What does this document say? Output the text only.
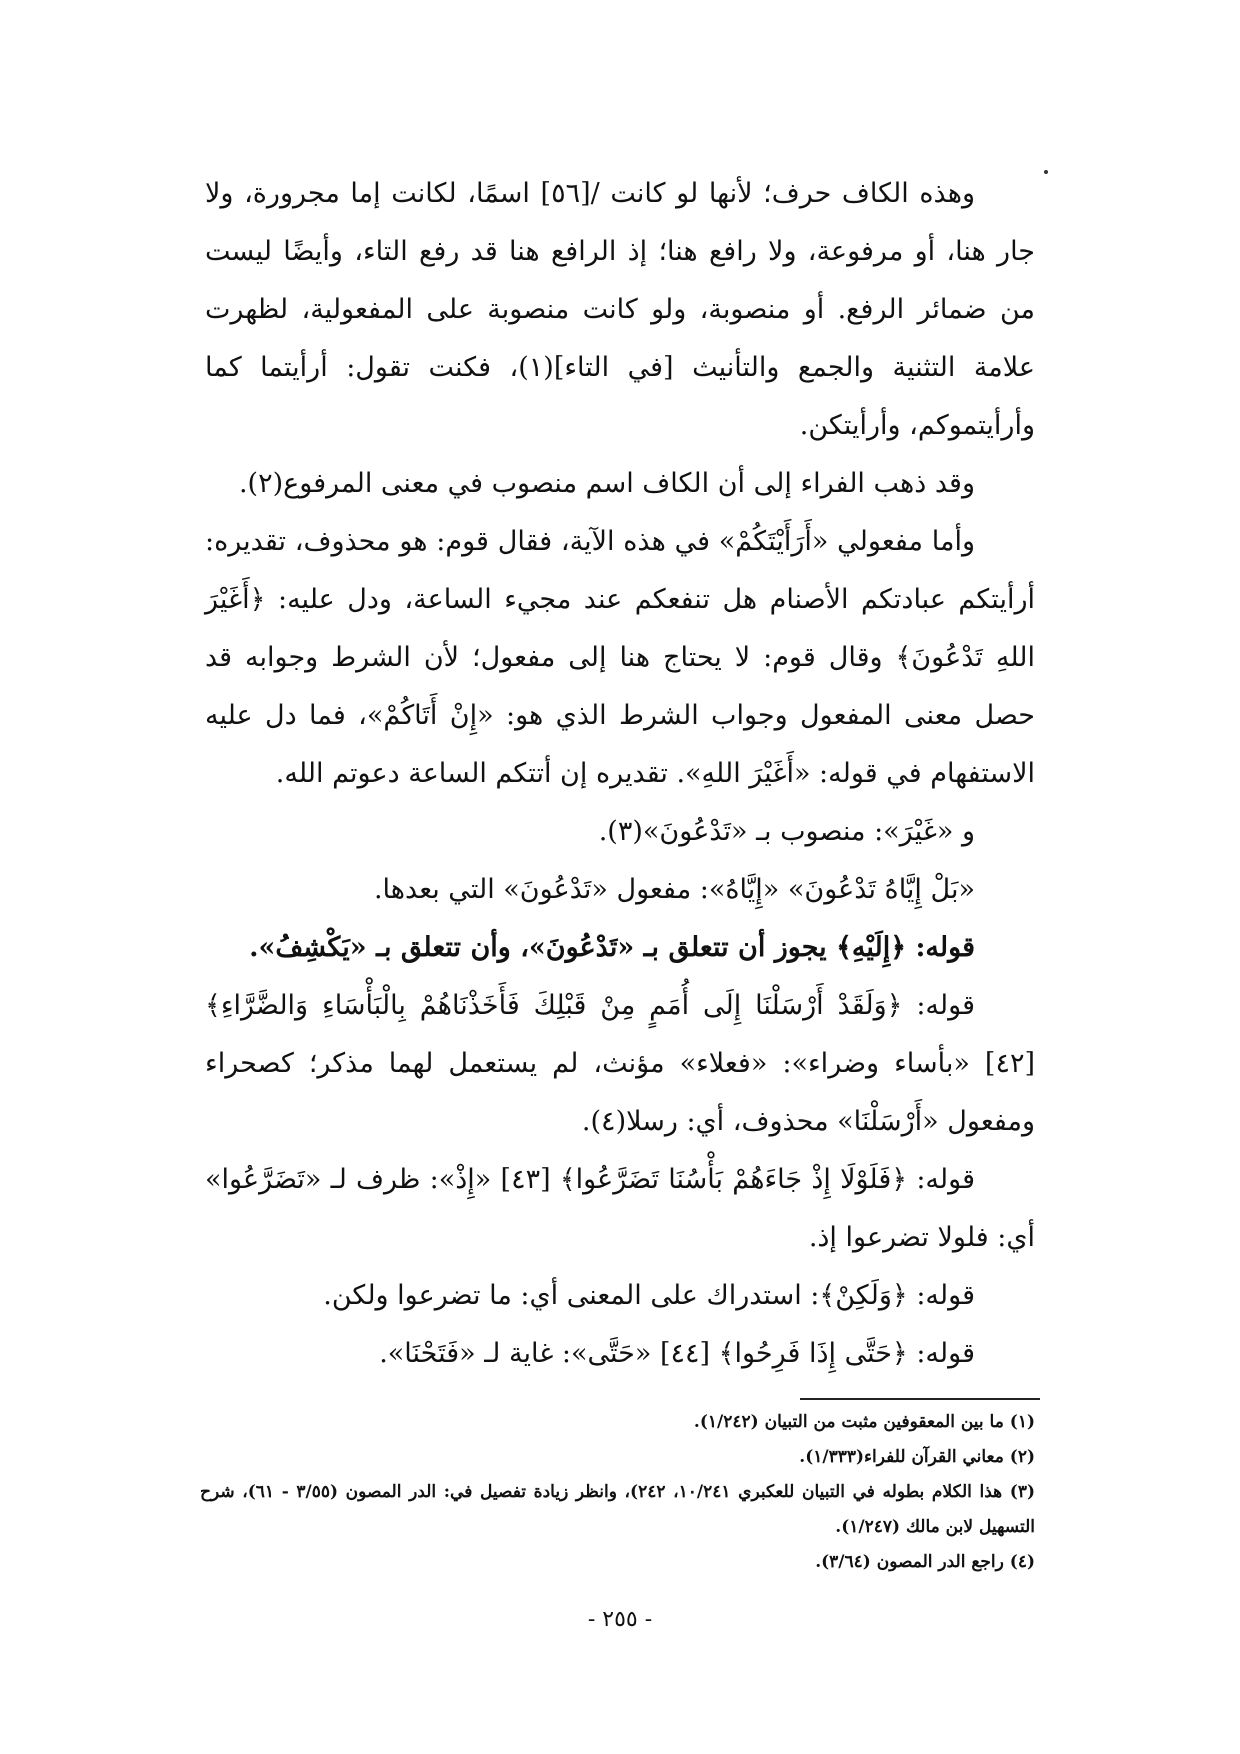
وهذه الكاف حرف؛ لأنها لو كانت /[٥٦] اسمًا، لكانت إما مجرورة، ولا جار هنا، أو مرفوعة، ولا رافع هنا؛ إذ الرافع هنا قد رفع التاء، وأيضًا ليست من ضمائر الرفع. أو منصوبة، ولو كانت منصوبة على المفعولية، لظهرت علامة التثنية والجمع والتأنيث [في التاء](١)، فكنت تقول: أرأيتما كما وأرأيتموكم، وأرأيتكن.

وقد ذهب الفراء إلى أن الكاف اسم منصوب في معنى المرفوع(٢).

وأما مفعولي «أَرَأَيْتَكُمْ» في هذه الآية، فقال قوم: هو محذوف، تقديره: أرأيتكم عبادتكم الأصنام هل تنفعكم عند مجيء الساعة، ودل عليه: ﴿أَغَيْرَ اللهِ تَدْعُونَ﴾ وقال قوم: لا يحتاج هنا إلى مفعول؛ لأن الشرط وجوابه قد حصل معنى المفعول وجواب الشرط الذي هو: «إِنْ أَتَاكُمْ»، فما دل عليه الاستفهام في قوله: «أَغَيْرَ اللهِ». تقديره إن أتتكم الساعة دعوتم الله.

و «غَيْرَ»: منصوب بـ «تَدْعُونَ»(٣).

«بَلْ إِيَّاهُ تَدْعُونَ» «إِيَّاهُ»: مفعول «تَدْعُونَ» التي بعدها.

قوله: ﴿إِلَيْهِ﴾ يجوز أن تتعلق بـ «تَدْعُونَ»، وأن تتعلق بـ «يَكْشِفُ».

قوله: ﴿وَلَقَدْ أَرْسَلْنَا إِلَى أُمَمٍ مِنْ قَبْلِكَ فَأَخَذْنَاهُمْ بِالْبَأْسَاءِ وَالضَّرَّاءِ﴾ [٤٢] «بأساء وضراء»: «فعلاء» مؤنث، لم يستعمل لهما مذكر؛ كصحراء ومفعول «أَرْسَلْنَا» محذوف، أي: رسلا(٤).

قوله: ﴿فَلَوْلَا إِذْ جَاءَهُمْ بَأْسُنَا تَضَرَّعُوا﴾ [٤٣] «إِذْ»: ظرف لـ «تَضَرَّعُوا» أي: فلولا تضرعوا إذ.

قوله: ﴿وَلَكِنْ﴾: استدراك على المعنى أي: ما تضرعوا ولكن.

قوله: ﴿حَتَّى إِذَا فَرِحُوا﴾ [٤٤] «حَتَّى»: غاية لـ «فَتَحْنَا».

(١) ما بين المعقوفين مثبت من التبيان (١/٢٤٢).
(٢) معاني القرآن للفراء(١/٣٣٣).
(٣) هذا الكلام بطوله في التبيان للعكبري ١٠/٢٤١، ٢٤٢)، وانظر زيادة تفصيل في: الدر المصون (٣/٥٥ - ٦١)، شرح التسهيل لابن مالك (١/٢٤٧).
(٤) راجع الدر المصون (٣/٦٤).
- ٢٥٥ -
